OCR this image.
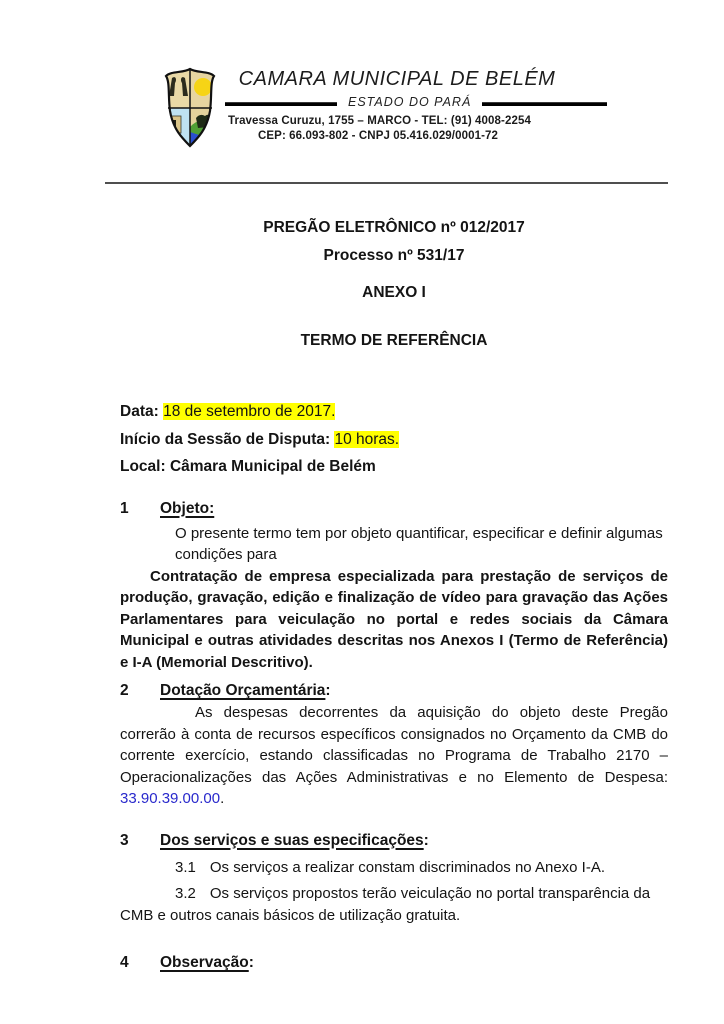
CAMARA MUNICIPAL DE BELÉM
ESTADO DO PARÁ
Travessa Curuzu, 1755 – MARCO - TEL: (91) 4008-2254
CEP: 66.093-802 - CNPJ 05.416.029/0001-72
PREGÃO ELETRÔNICO nº 012/2017
Processo nº 531/17
ANEXO I
TERMO DE REFERÊNCIA
Data: 18 de setembro de 2017.
Início da Sessão de Disputa: 10 horas.
Local: Câmara Municipal de Belém
1 Objeto:
O presente termo tem por objeto quantificar, especificar e definir algumas condições para
Contratação de empresa especializada para prestação de serviços de produção, gravação, edição e finalização de vídeo para gravação das Ações Parlamentares para veiculação no portal e redes sociais da Câmara Municipal e outras atividades descritas nos Anexos I (Termo de Referência) e I-A (Memorial Descritivo).
2 Dotação Orçamentária:
As despesas decorrentes da aquisição do objeto deste Pregão correrão à conta de recursos específicos consignados no Orçamento da CMB do corrente exercício, estando classificadas no Programa de Trabalho 2170 – Operacionalizações das Ações Administrativas e no Elemento de Despesa: 33.90.39.00.00.
3 Dos serviços e suas especificações:
3.1 Os serviços a realizar constam discriminados no Anexo I-A.
3.2 Os serviços propostos terão veiculação no portal transparência da CMB e outros canais básicos de utilização gratuita.
4 Observação:
